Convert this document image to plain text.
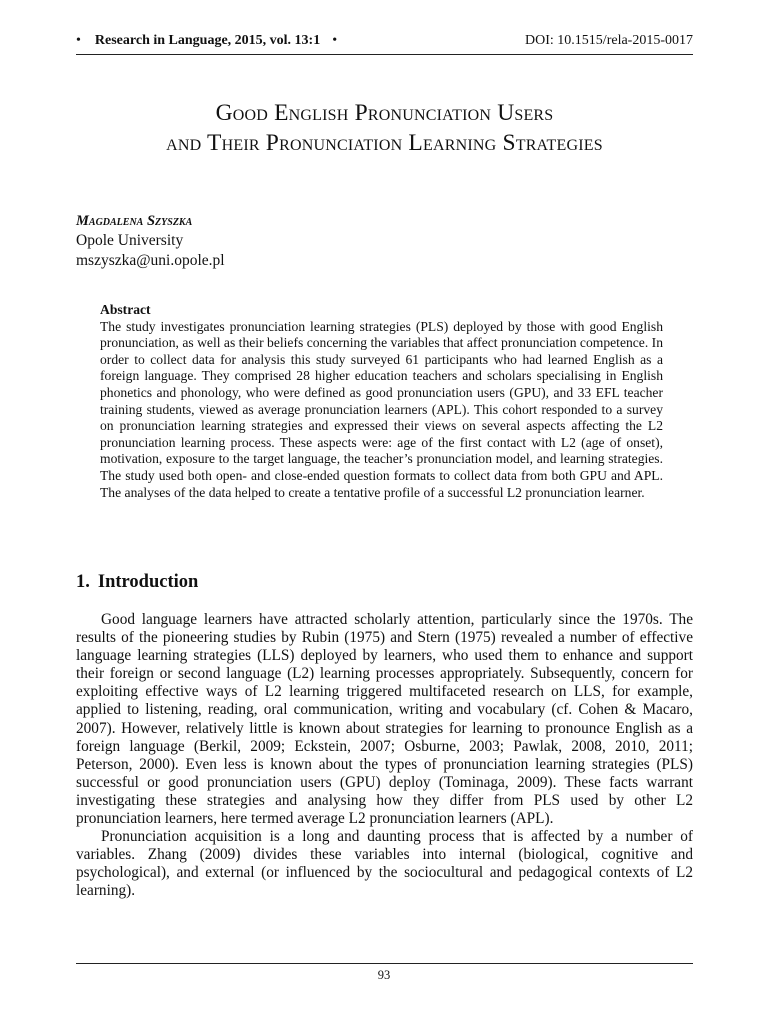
• Research in Language, 2015, vol. 13:1 •	DOI: 10.1515/rela-2015-0017
Good English Pronunciation Users
and Their Pronunciation Learning Strategies
Magdalena Szyszka
Opole University
mszyszka@uni.opole.pl
Abstract

The study investigates pronunciation learning strategies (PLS) deployed by those with good English pronunciation, as well as their beliefs concerning the variables that affect pronunciation competence. In order to collect data for analysis this study surveyed 61 participants who had learned English as a foreign language. They comprised 28 higher education teachers and scholars specialising in English phonetics and phonology, who were defined as good pronunciation users (GPU), and 33 EFL teacher training students, viewed as average pronunciation learners (APL). This cohort responded to a survey on pronunciation learning strategies and expressed their views on several aspects affecting the L2 pronunciation learning process. These aspects were: age of the first contact with L2 (age of onset), motivation, exposure to the target language, the teacher’s pronunciation model, and learning strategies. The study used both open- and close-ended question formats to collect data from both GPU and APL. The analyses of the data helped to create a tentative profile of a successful L2 pronunciation learner.

1. Introduction

Good language learners have attracted scholarly attention, particularly since the 1970s. The results of the pioneering studies by Rubin (1975) and Stern (1975) revealed a number of effective language learning strategies (LLS) deployed by learners, who used them to enhance and support their foreign or second language (L2) learning processes appropriately. Subsequently, concern for exploiting effective ways of L2 learning triggered multifaceted research on LLS, for example, applied to listening, reading, oral communication, writing and vocabulary (cf. Cohen & Macaro, 2007). However, relatively little is known about strategies for learning to pronounce English as a foreign language (Berkil, 2009; Eckstein, 2007; Osburne, 2003; Pawlak, 2008, 2010, 2011; Peterson, 2000). Even less is known about the types of pronunciation learning strategies (PLS) successful or good pronunciation users (GPU) deploy (Tominaga, 2009). These facts warrant investigating these strategies and analysing how they differ from PLS used by other L2 pronunciation learners, here termed average L2 pronunciation learners (APL).

Pronunciation acquisition is a long and daunting process that is affected by a number of variables. Zhang (2009) divides these variables into internal (biological, cognitive and psychological), and external (or influenced by the sociocultural and pedagogical contexts of L2 learning).

93
